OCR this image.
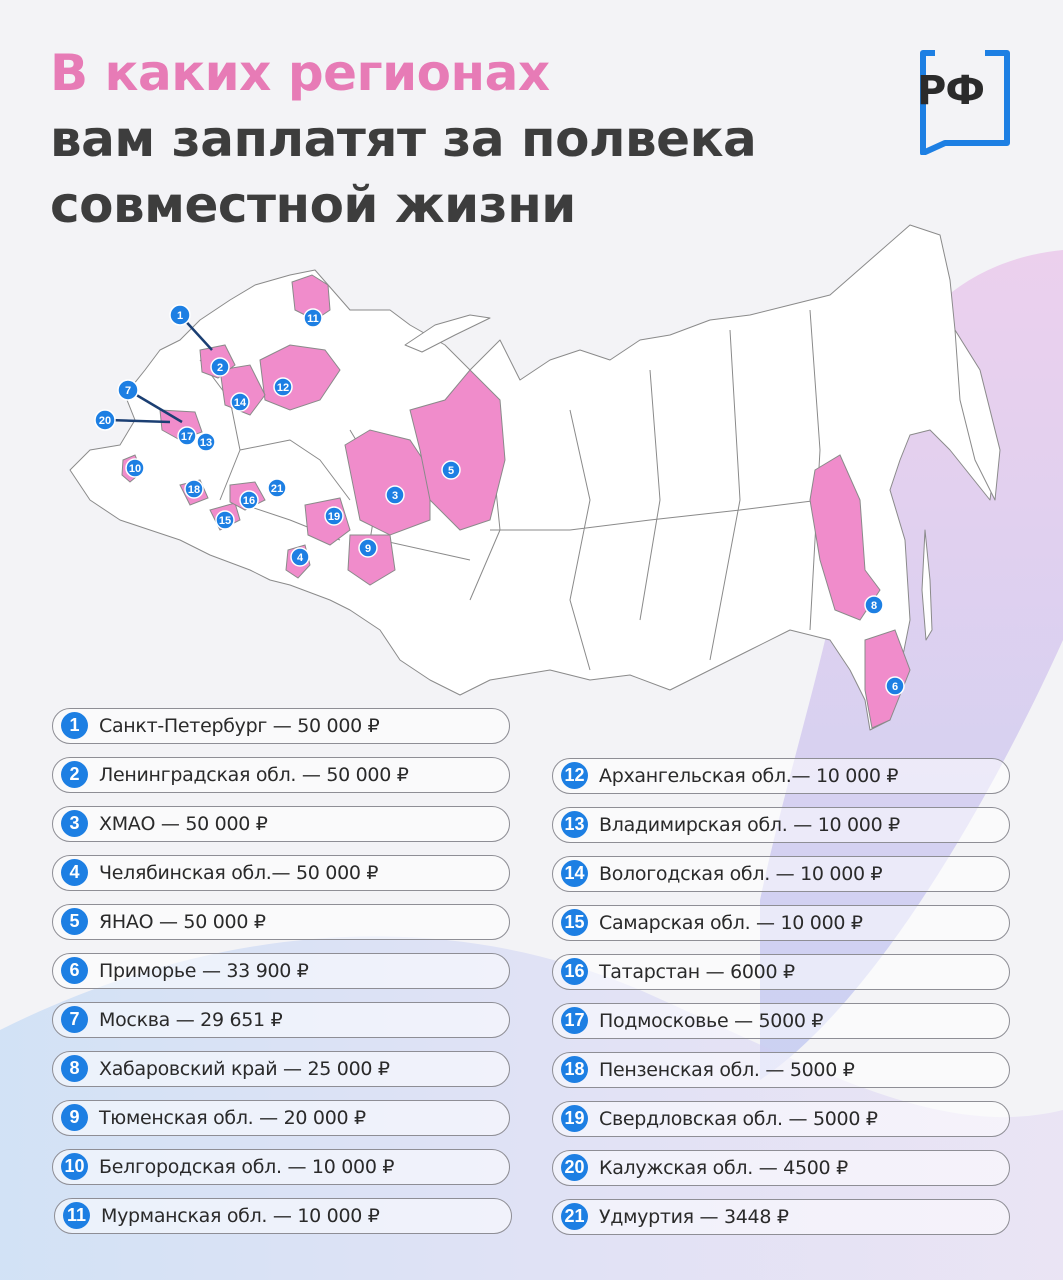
В каких регионах
вам заплатят за полвека
совместной жизни
РФ
1
2
3
4
5
6
7
8
9
10
11
12
13
14
15
16
17
18
19
20
21
1	Санкт-Петербург — 50 000 ₽
2	Ленинградская обл. — 50 000 ₽
3	ХМАО — 50 000 ₽
4	Челябинская обл.— 50 000 ₽
5	ЯНАО — 50 000 ₽
6	Приморье — 33 900 ₽
7	Москва — 29 651 ₽
8	Хабаровский край — 25 000 ₽
9	Тюменская обл. — 20 000 ₽
10 Белгородская обл. — 10 000 ₽
11 Мурманская обл. — 10 000 ₽
12 Архангельская обл.— 10 000 ₽
13 Владимирская обл. — 10 000 ₽
14 Вологодская обл. — 10 000 ₽
15 Самарская обл. — 10 000 ₽
16 Татарстан — 6000 ₽
17 Подмосковье — 5000 ₽
18 Пензенская обл. — 5000 ₽
19 Свердловская обл. — 5000 ₽
20 Калужская обл. — 4500 ₽
21 Удмуртия — 3448 ₽
